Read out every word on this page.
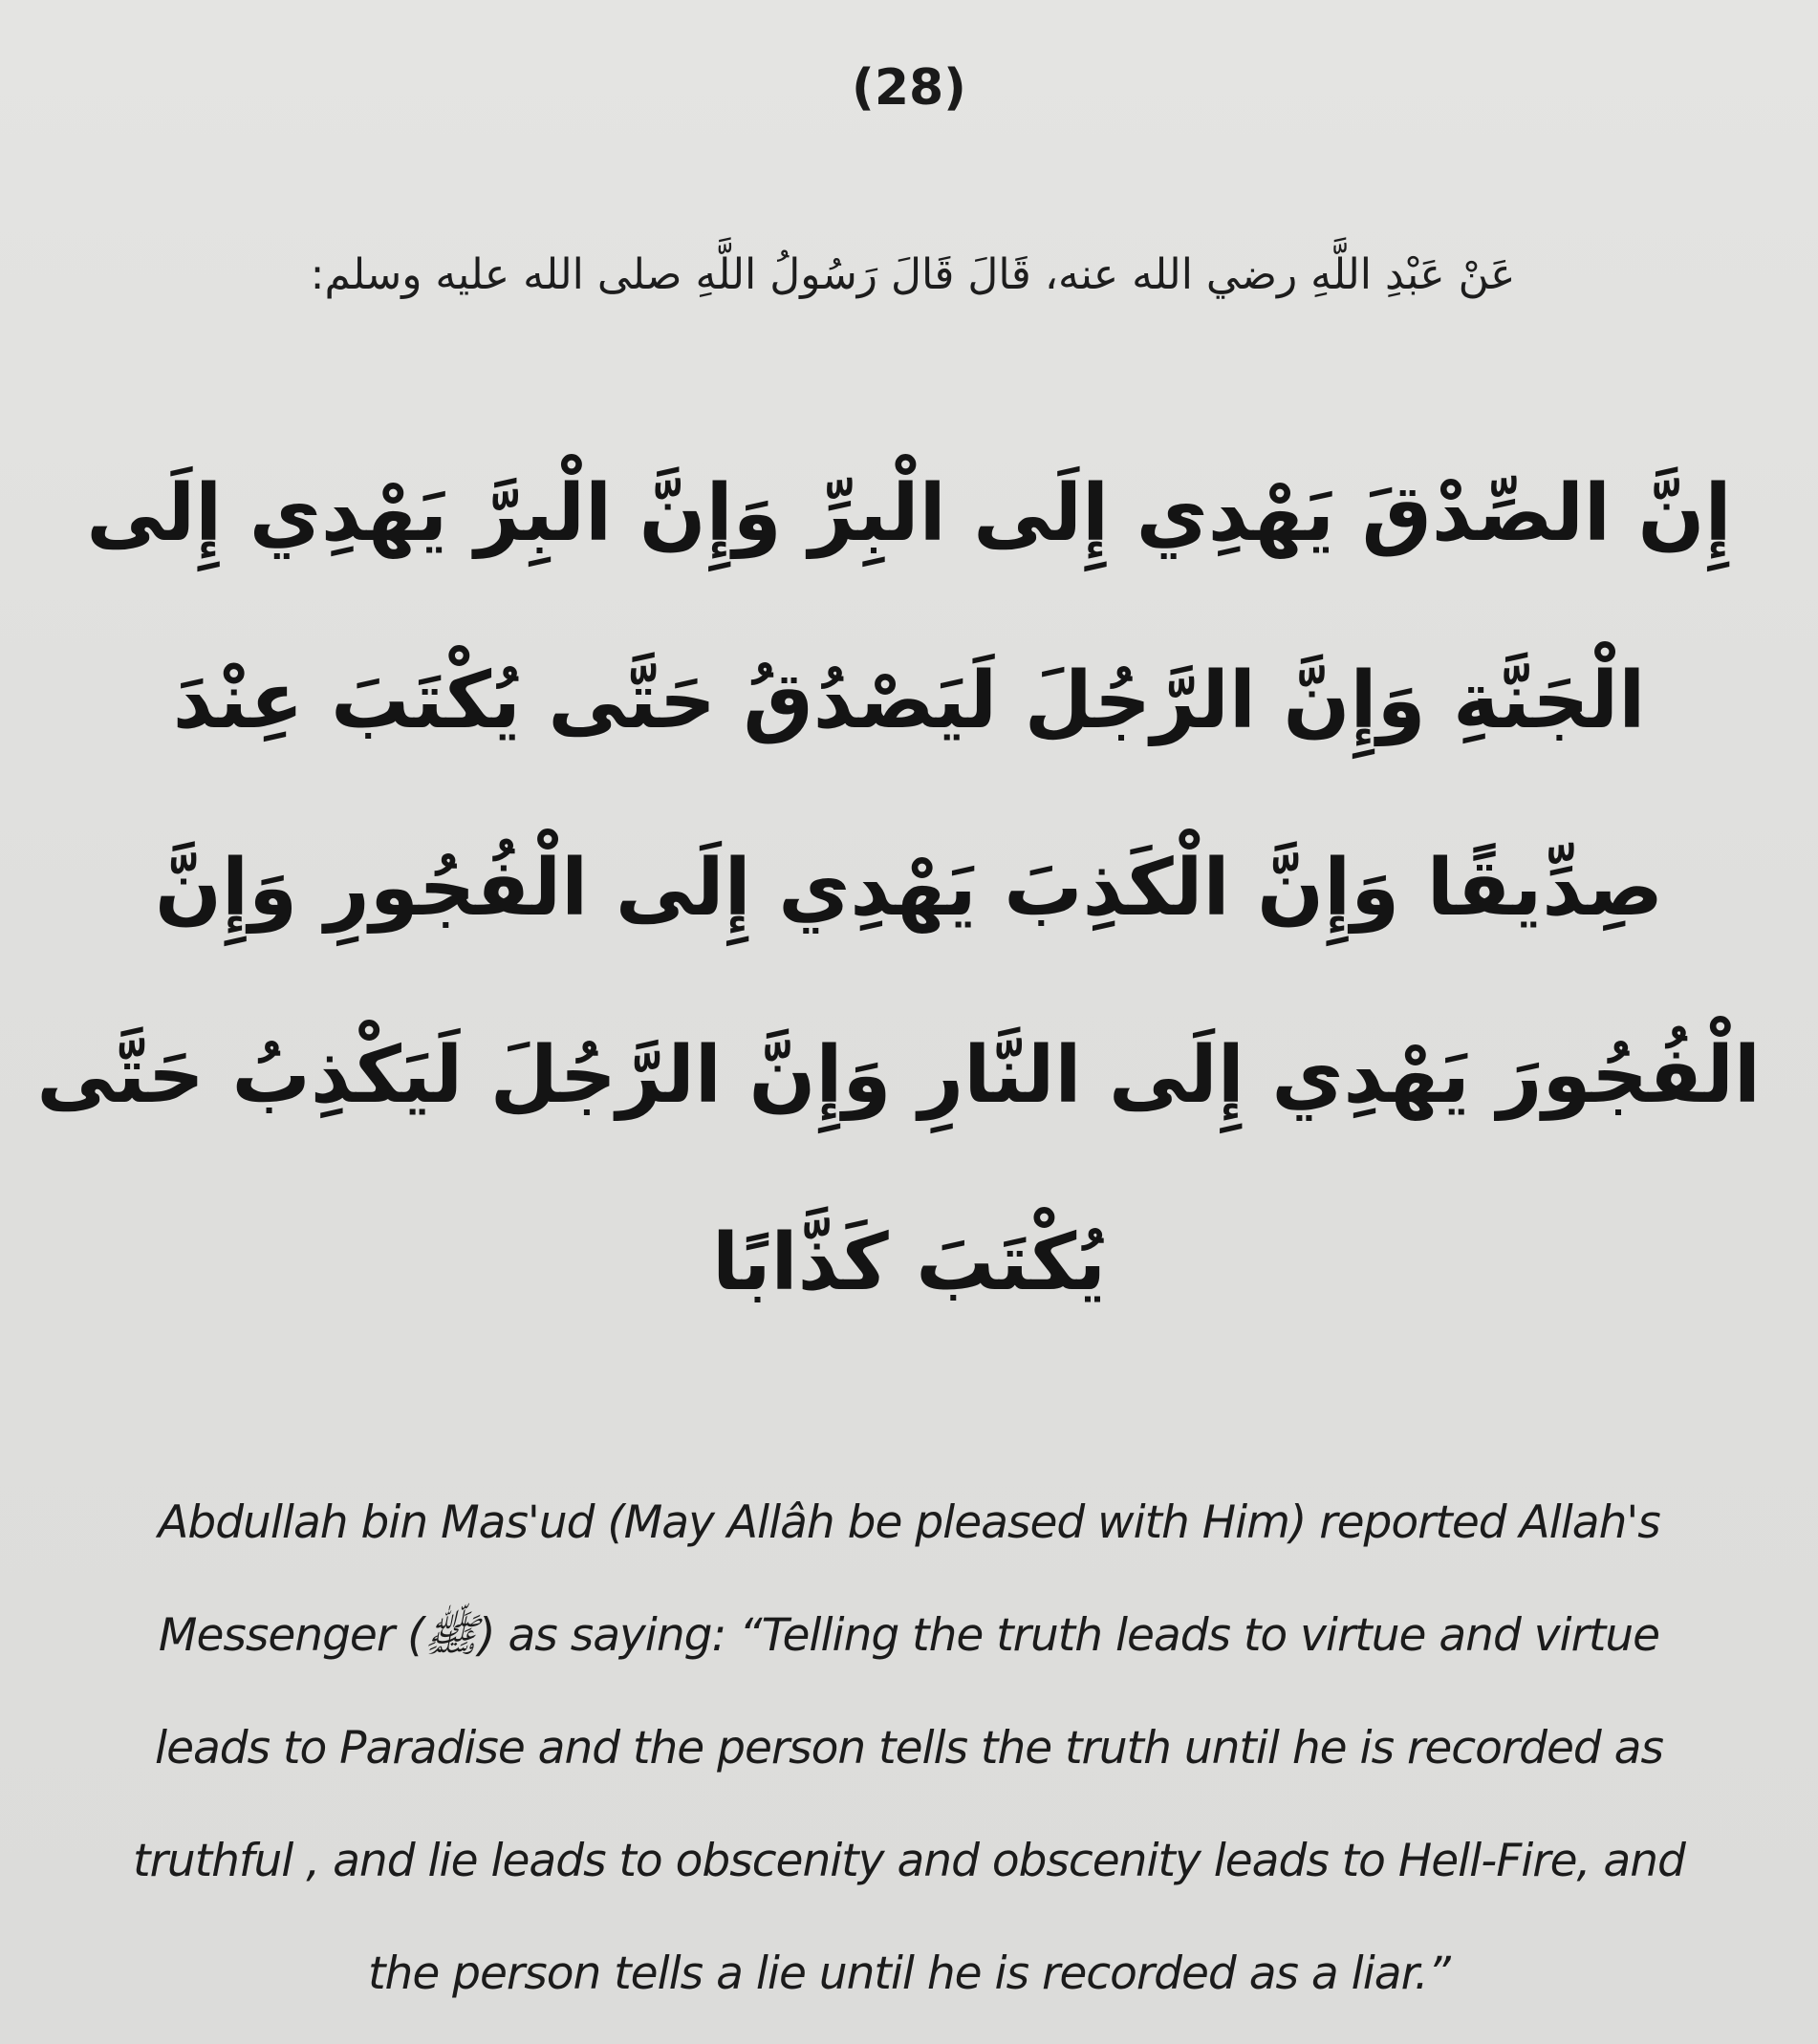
(28)
عَنْ عَبْدِ اللَّهِ رضي الله عنه، قَالَ قَالَ رَسُولُ اللَّهِ صلى الله عليه وسلم:
إِنَّ الصِّدْقَ يَهْدِي إِلَى الْبِرِّ وَإِنَّ الْبِرَّ يَهْدِي إِلَى
الْجَنَّةِ وَإِنَّ الرَّجُلَ لَيَصْدُقُ حَتَّى يُكْتَبَ عِنْدَ
صِدِّيقًا وَإِنَّ الْكَذِبَ يَهْدِي إِلَى الْفُجُورِ وَإِنَّ
الْفُجُورَ يَهْدِي إِلَى النَّارِ وَإِنَّ الرَّجُلَ لَيَكْذِبُ حَتَّى
يُكْتَبَ كَذَّابًا
Abdullah bin Mas'ud (May Allâh be pleased with Him) reported Allah's
Messenger (ﷺ) as saying: “Telling the truth leads to virtue and virtue
leads to Paradise and the person tells the truth until he is recorded as
truthful , and lie leads to obscenity and obscenity leads to Hell-Fire, and
the person tells a lie until he is recorded as a liar.”
